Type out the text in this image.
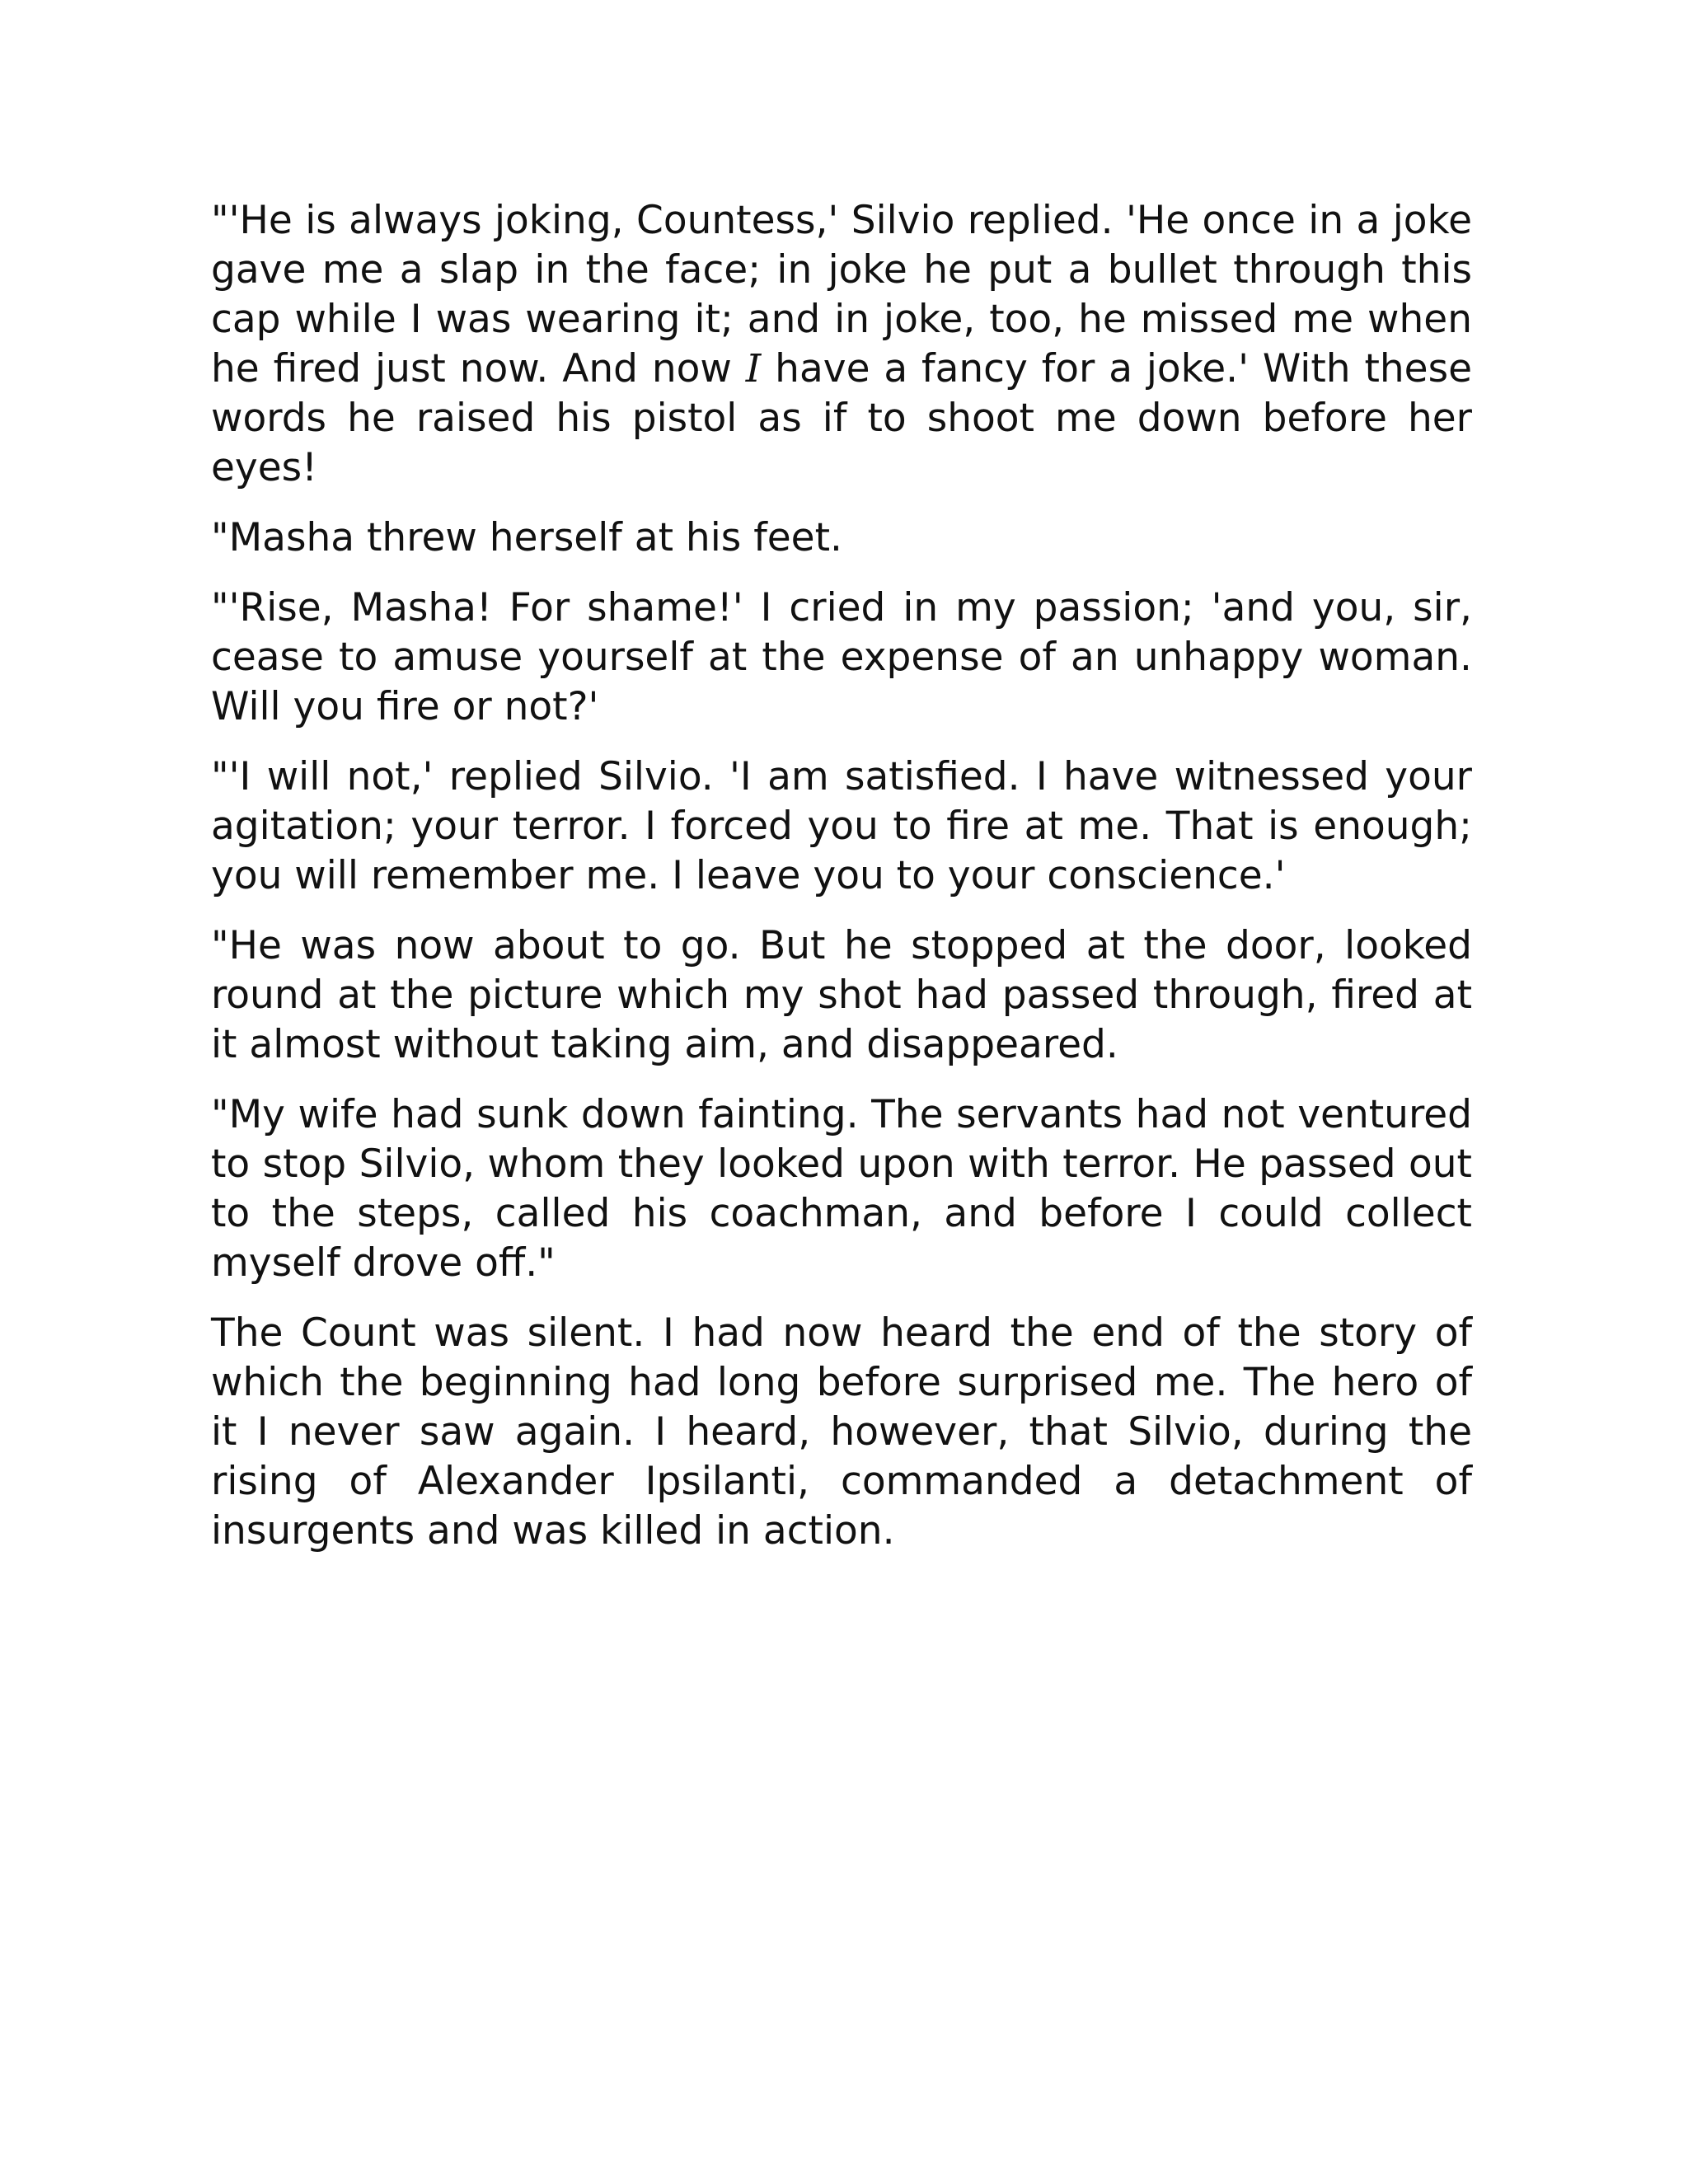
"'He is always joking, Countess,' Silvio replied. 'He once in a joke gave me a slap in the face; in joke he put a bullet through this cap while I was wearing it; and in joke, too, he missed me when he fired just now. And now I have a fancy for a joke.' With these words he raised his pistol as if to shoot me down before her eyes!

"Masha threw herself at his feet.

"'Rise, Masha! For shame!' I cried in my passion; 'and you, sir, cease to amuse yourself at the expense of an unhappy woman. Will you fire or not?'

"'I will not,' replied Silvio. 'I am satisfied. I have witnessed your agitation; your terror. I forced you to fire at me. That is enough; you will remember me. I leave you to your conscience.'

"He was now about to go. But he stopped at the door, looked round at the picture which my shot had passed through, fired at it almost without taking aim, and disappeared.

"My wife had sunk down fainting. The servants had not ventured to stop Silvio, whom they looked upon with terror. He passed out to the steps, called his coachman, and before I could collect myself drove off."

The Count was silent. I had now heard the end of the story of which the beginning had long before surprised me. The hero of it I never saw again. I heard, however, that Silvio, during the rising of Alexander Ipsilanti, commanded a detachment of insurgents and was killed in action.
